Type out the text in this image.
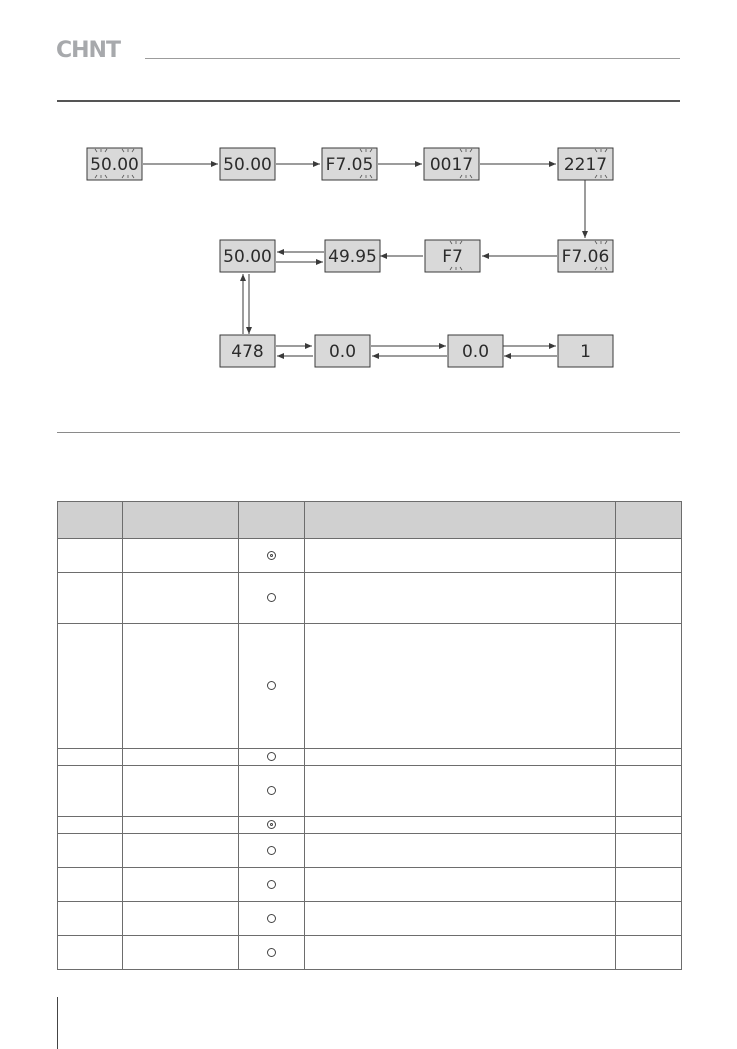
CHNT
50.00	50.00	F7.05	0017	2217
F7.06
F7
49.95
50.00
478	0.0	0.0	1
